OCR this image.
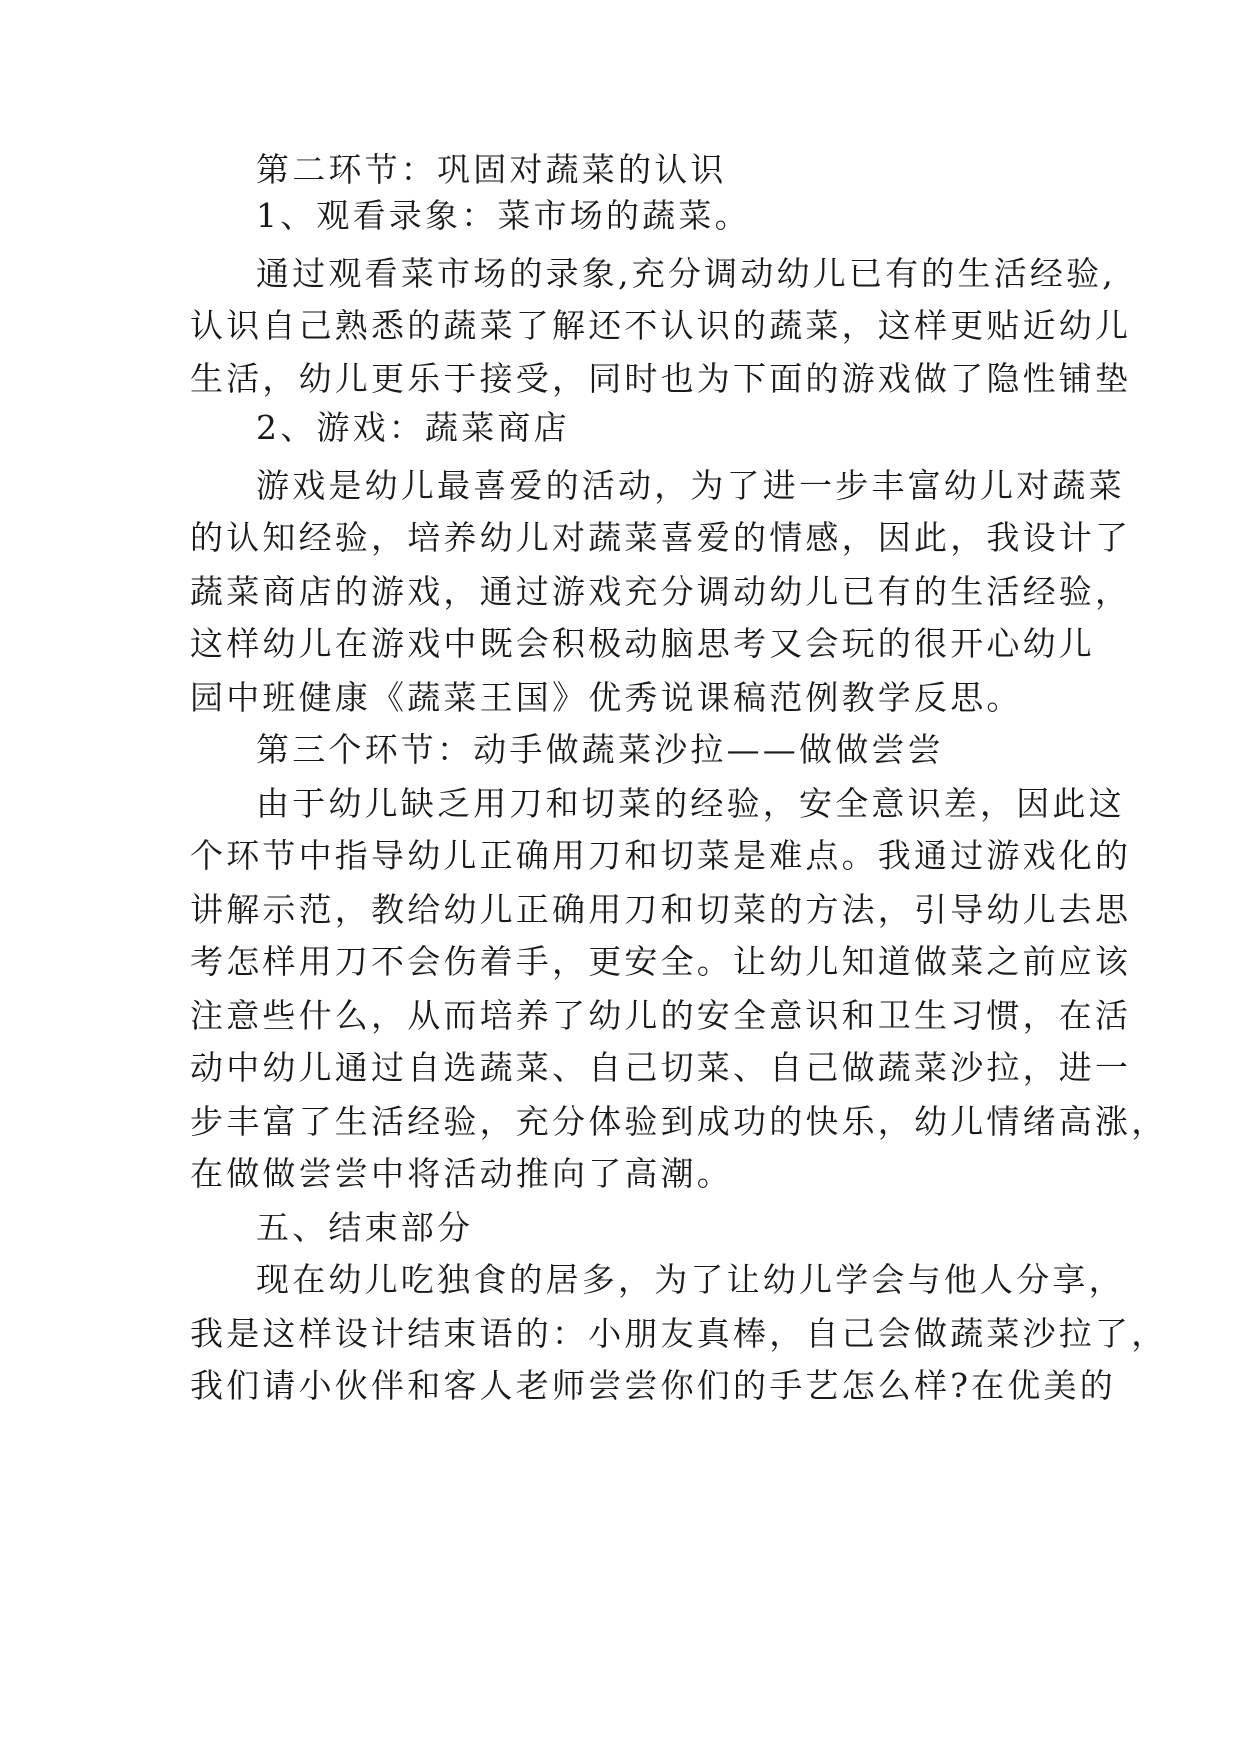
第二环节：巩固对蔬菜的认识

1、观看录象：菜市场的蔬菜。

通过观看菜市场的录象,充分调动幼儿已有的生活经验,

认识自己熟悉的蔬菜了解还不认识的蔬菜，这样更贴近幼儿

生活，幼儿更乐于接受，同时也为下面的游戏做了隐性铺垫

2、游戏：蔬菜商店

游戏是幼儿最喜爱的活动，为了进一步丰富幼儿对蔬菜

的认知经验，培养幼儿对蔬菜喜爱的情感，因此，我设计了

蔬菜商店的游戏，通过游戏充分调动幼儿已有的生活经验，

这样幼儿在游戏中既会积极动脑思考又会玩的很开心幼儿

园中班健康《蔬菜王国》优秀说课稿范例教学反思。

第三个环节：动手做蔬菜沙拉——做做尝尝

由于幼儿缺乏用刀和切菜的经验，安全意识差，因此这

个环节中指导幼儿正确用刀和切菜是难点。我通过游戏化的

讲解示范，教给幼儿正确用刀和切菜的方法，引导幼儿去思

考怎样用刀不会伤着手，更安全。让幼儿知道做菜之前应该

注意些什么，从而培养了幼儿的安全意识和卫生习惯，在活

动中幼儿通过自选蔬菜、自己切菜、自己做蔬菜沙拉，进一

步丰富了生活经验，充分体验到成功的快乐，幼儿情绪高涨，

在做做尝尝中将活动推向了高潮。

五、结束部分

现在幼儿吃独食的居多，为了让幼儿学会与他人分享，

我是这样设计结束语的：小朋友真棒，自己会做蔬菜沙拉了，

我们请小伙伴和客人老师尝尝你们的手艺怎么样?在优美的
